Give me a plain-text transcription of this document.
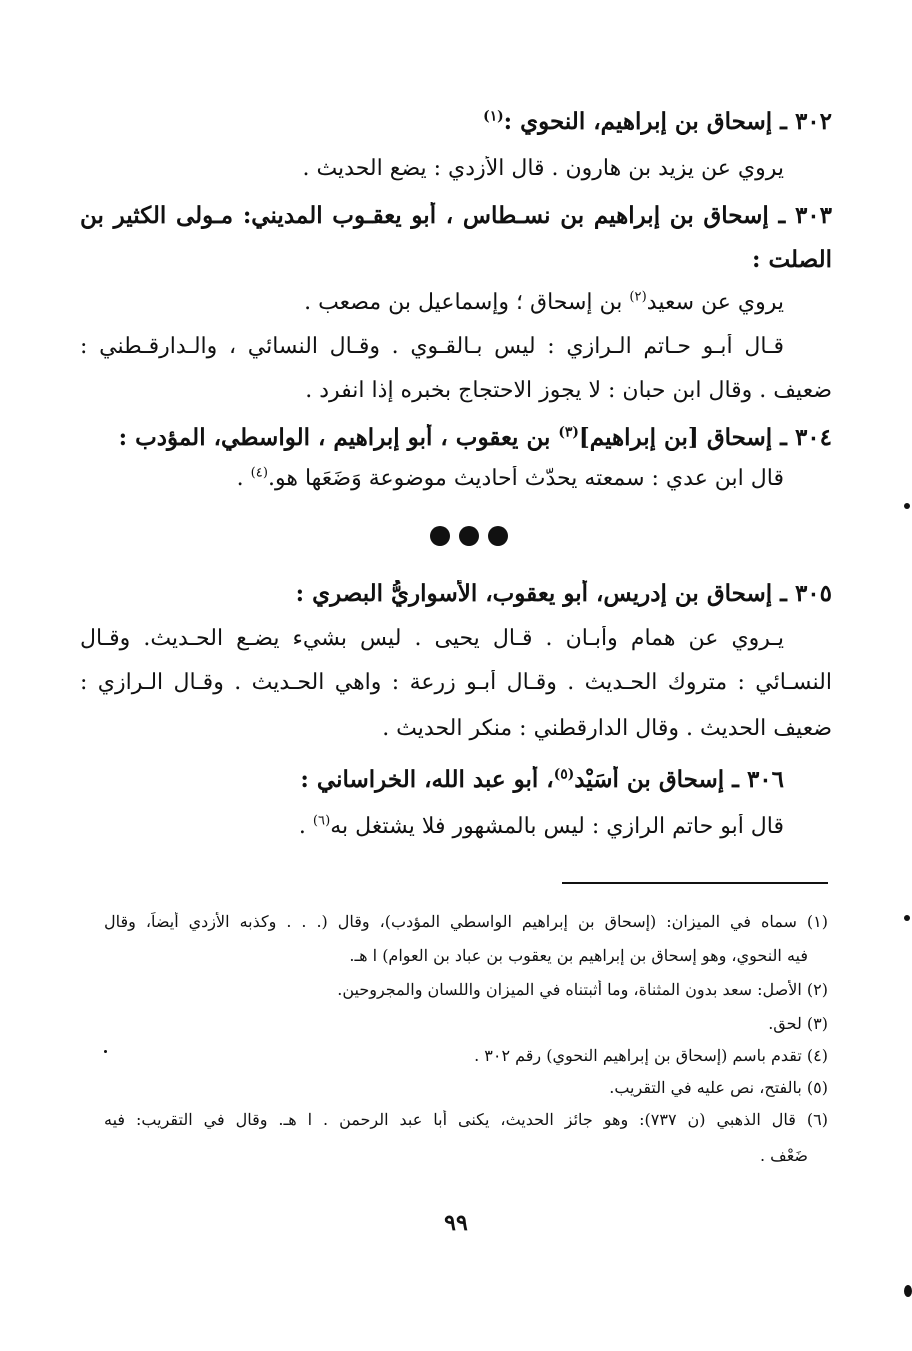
٣٠٢ ـ إسحاق بن إبراهيم، النحوي :$^{(١)}$
يروي عن يزيد بن هارون . قال الأزدي : يضع الحديث .
٣٠٣ ـ إسحاق بن إبراهيم بن نسـطاس ، أبو يعقـوب المديني: مـولى الكثير بن
الصلت :
يروي عن سعيد$^{(٢)}$ بن إسحاق ؛ وإسماعيل بن مصعب .
قـال أبـو حـاتم الـرازي : ليس بـالقـوي . وقـال النسائي ، والـدارقـطني :
ضعيف . وقال ابن حبان : لا يجوز الاحتجاج بخبره إذا انفرد .
٣٠٤ ـ إسحاق [بن إبراهيم]$^{(٣)}$ بن يعقوب ، أبو إبراهيم ، الواسطي، المؤدب :
قال ابن عدي : سمعته يحدّث أحاديث موضوعة وَضَعَها هو.$^{(٤)}$ .
٣٠٥ ـ إسحاق بن إدريس، أبو يعقوب، الأسواريُّ البصري :
يـروي عن همام وأبـان . قـال يحيى . ليس بشيء يضـع الحـديث. وقـال
النسـائي : متروك الحـديث . وقـال أبـو زرعة : واهي الحـديث . وقـال الـرازي :
ضعيف الحديث . وقال الدارقطني : منكر الحديث .
٣٠٦ ـ إسحاق بن أُسَيْد$^{(٥)}$، أبو عبد الله، الخراساني :
قال أبو حاتم الرازي : ليس بالمشهور فلا يشتغل به$^{(٦)}$ .
(١) سماه في الميزان: (إسحاق بن إبراهيم الواسطي المؤدب)، وقال (. . . وكذبه الأزدي أيضاً، وقال
فيه النحوي، وهو إسحاق بن إبراهيم بن يعقوب بن عباد بن العوام) ا هـ.
(٢) الأصل: سعد بدون المثناة، وما أثبتناه في الميزان واللسان والمجروحين.
(٣) لحق.
(٤) تقدم باسم (إسحاق بن إبراهيم النحوي) رقم ٣٠٢ .
(٥) بالفتح، نص عليه في التقريب.
(٦) قال الذهبي (ن ٧٣٧): وهو جائز الحديث، يكنى أبا عبد الرحمن . ا هـ. وقال في التقريب: فيه
ضَعْف .
٩٩
